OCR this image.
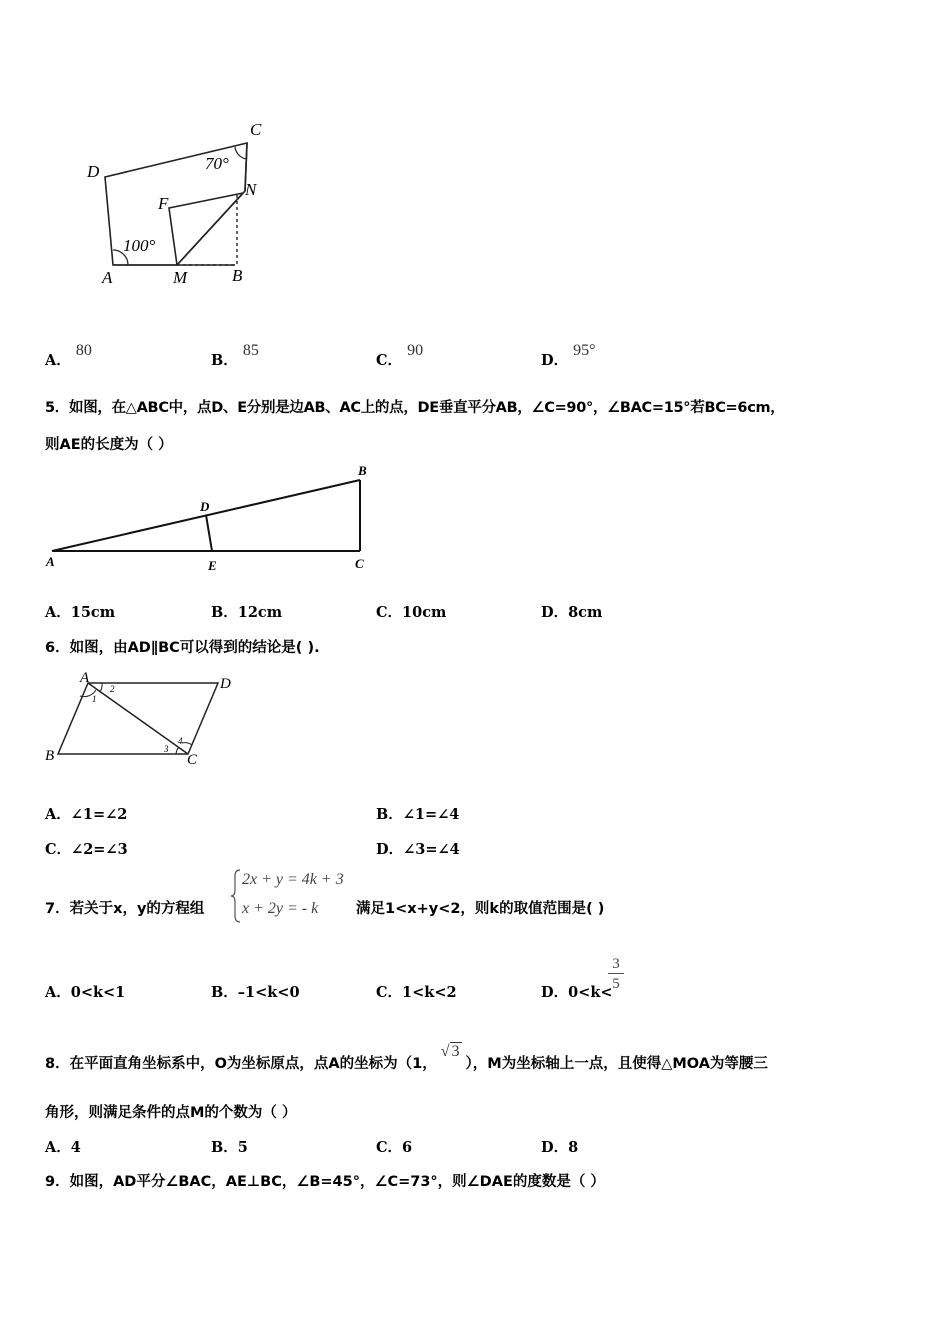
D
C
F
N
A	M	B
70°
100°
A． 80
B． 85
C． 90
D． 95°
5．如图，在△ABC中，点D、E分别是边AB、AC上的点，DE垂直平分AB，∠C=90°，∠BAC=15°若BC=6cm，
则AE的长度为（ ）
A
B
C
D
E
A．15cm	B．12cm	C．10cm	D．8cm
6．如图，由AD∥BC可以得到的结论是( ).
A	D
B	C
1
2
3
4
A．∠1=∠2	B．∠1=∠4
C．∠2=∠3	D．∠3=∠4
7．若关于x，y的方程组
2x + y = 4k + 3
x + 2y = - k	满足1<x+y<2，则k的取值范围是( )
A．0<k<1	B．–1<k<0	C．1<k<2	D．0<k<
3
5
8．在平面直角坐标系中，O为坐标原点，点A的坐标为（1，√ 3），M为坐标轴上一点，且使得△MOA为等腰三
角形，则满足条件的点M的个数为（ ）
A．4	B．5	C．6	D．8
9．如图，AD平分∠BAC，AE⊥BC，∠B=45°，∠C=73°，则∠DAE的度数是（ ）
